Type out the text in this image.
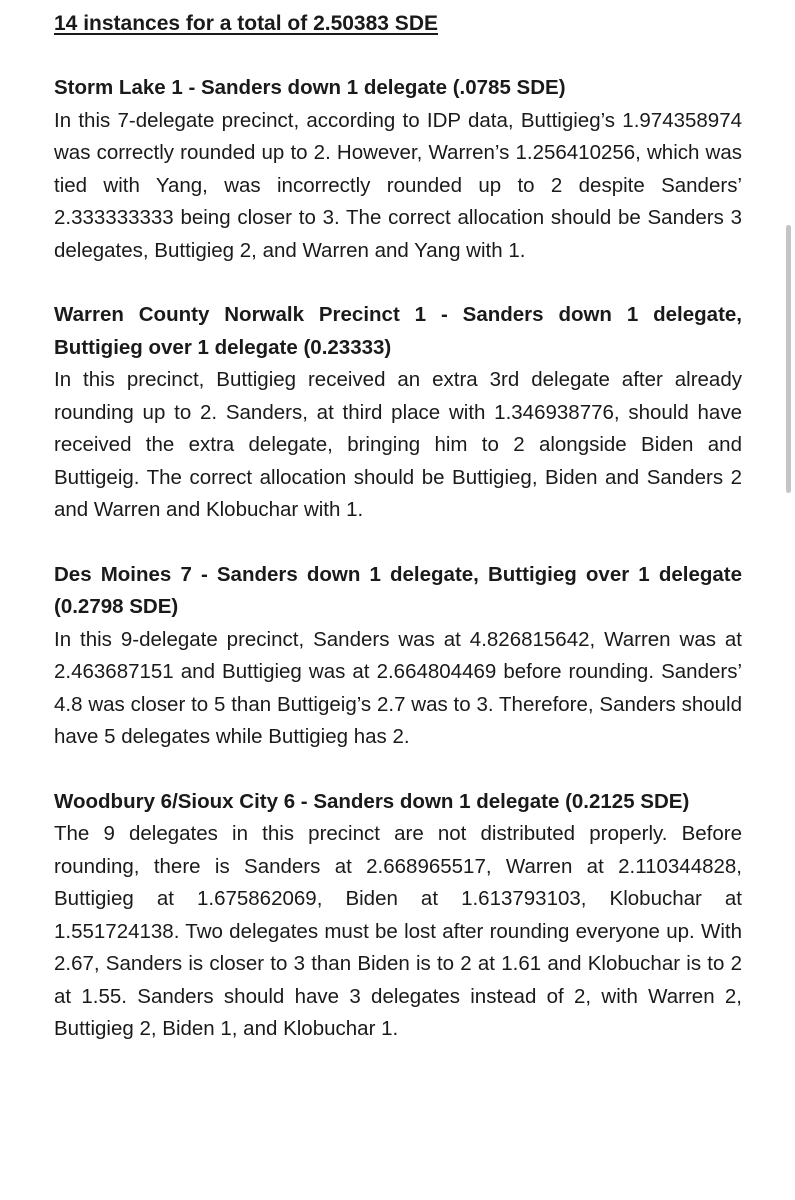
14 instances for a total of 2.50383 SDE

Storm Lake 1 - Sanders down 1 delegate (.0785 SDE)

In this 7-delegate precinct, according to IDP data, Buttigieg’s 1.974358974 was correctly rounded up to 2. However, Warren’s 1.256410256, which was tied with Yang, was incorrectly rounded up to 2 despite Sanders’ 2.333333333 being closer to 3. The correct allocation should be Sanders 3 delegates, Buttigieg 2, and Warren and Yang with 1.

Warren County Norwalk Precinct 1 - Sanders down 1 delegate, Buttigieg over 1 delegate (0.23333)

In this precinct, Buttigieg received an extra 3rd delegate after already rounding up to 2. Sanders, at third place with 1.346938776, should have received the extra delegate, bringing him to 2 alongside Biden and Buttigeig. The correct allocation should be Buttigieg, Biden and Sanders 2 and Warren and Klobuchar with 1.

Des Moines 7 - Sanders down 1 delegate, Buttigieg over 1 delegate (0.2798 SDE)

In this 9-delegate precinct, Sanders was at 4.826815642, Warren was at 2.463687151 and Buttigieg was at 2.664804469 before rounding. Sanders’ 4.8 was closer to 5 than Buttigeig’s 2.7 was to 3. Therefore, Sanders should have 5 delegates while Buttigieg has 2.

Woodbury 6/Sioux City 6 - Sanders down 1 delegate (0.2125 SDE)

The 9 delegates in this precinct are not distributed properly. Before rounding, there is Sanders at 2.668965517, Warren at 2.110344828, Buttigieg at 1.675862069, Biden at 1.613793103, Klobuchar at 1.551724138. Two delegates must be lost after rounding everyone up. With 2.67, Sanders is closer to 3 than Biden is to 2 at 1.61 and Klobuchar is to 2 at 1.55. Sanders should have 3 delegates instead of 2, with Warren 2, Buttigieg 2, Biden 1, and Klobuchar 1.
